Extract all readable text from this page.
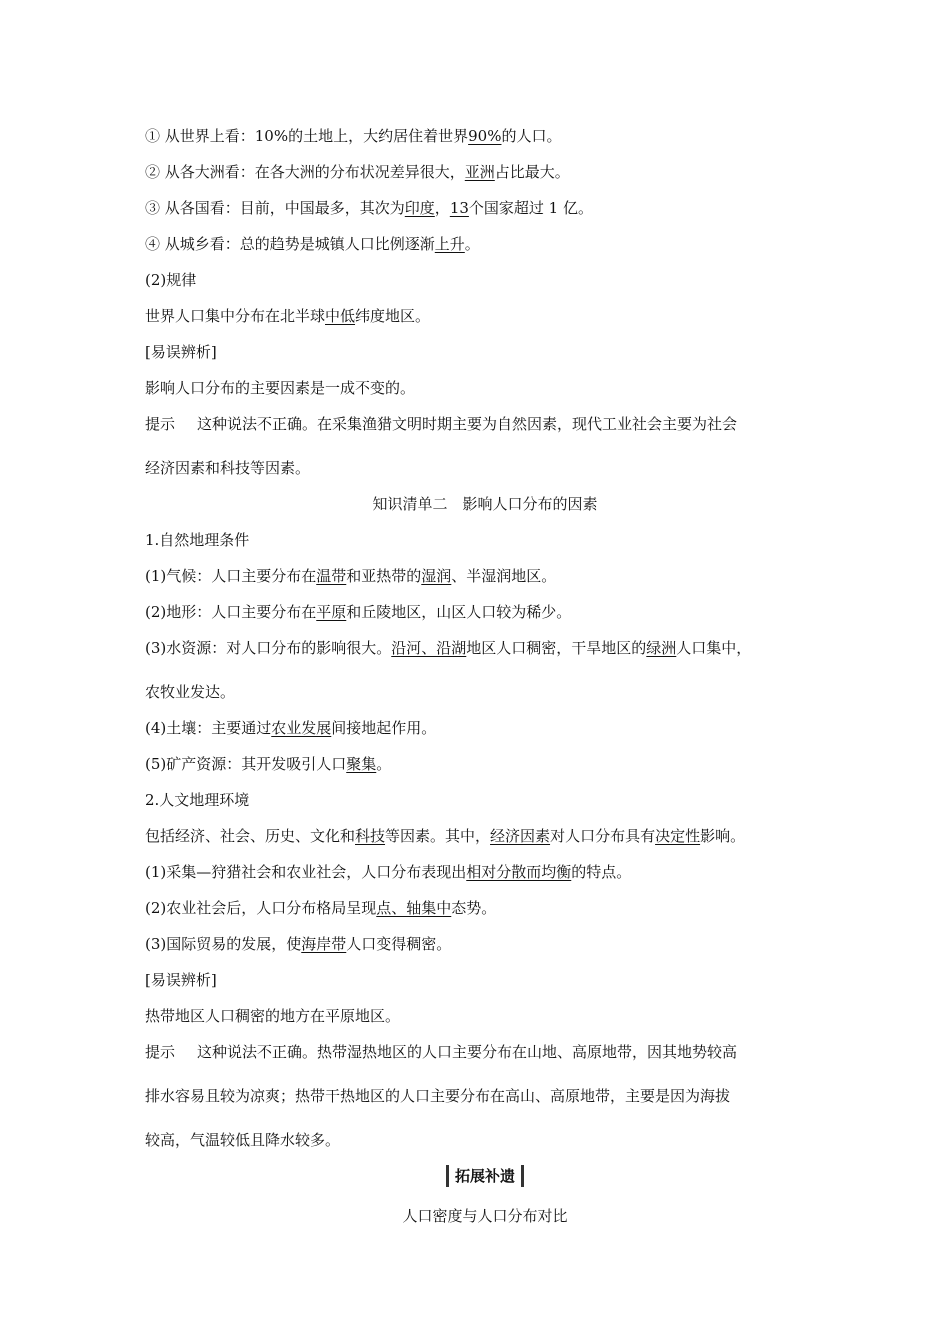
① 从世界上看：10%的土地上，大约居住着世界90%的人口。
② 从各大洲看：在各大洲的分布状况差异很大，亚洲占比最大。
③ 从各国看：目前，中国最多，其次为印度，13个国家超过 1 亿。
④ 从城乡看：总的趋势是城镇人口比例逐渐上升。
(2)规律
世界人口集中分布在北半球中低纬度地区。
[易误辨析]
影响人口分布的主要因素是一成不变的。
提示 这种说法不正确。在采集渔猎文明时期主要为自然因素，现代工业社会主要为社会
经济因素和科技等因素。
知识清单二　影响人口分布的因素
1.自然地理条件
(1)气候：人口主要分布在温带和亚热带的湿润、半湿润地区。
(2)地形：人口主要分布在平原和丘陵地区，山区人口较为稀少。
(3)水资源：对人口分布的影响很大。沿河、沿湖地区人口稠密，干旱地区的绿洲人口集中，
农牧业发达。
(4)土壤：主要通过农业发展间接地起作用。
(5)矿产资源：其开发吸引人口聚集。
2.人文地理环境
包括经济、社会、历史、文化和科技等因素。其中，经济因素对人口分布具有决定性影响。
(1)采集—狩猎社会和农业社会，人口分布表现出相对分散而均衡的特点。
(2)农业社会后，人口分布格局呈现点、轴集中态势。
(3)国际贸易的发展，使海岸带人口变得稠密。
[易误辨析]
热带地区人口稠密的地方在平原地区。
提示 这种说法不正确。热带湿热地区的人口主要分布在山地、高原地带，因其地势较高
排水容易且较为凉爽；热带干热地区的人口主要分布在高山、高原地带，主要是因为海拔
较高，气温较低且降水较多。
拓展补遗
人口密度与人口分布对比
